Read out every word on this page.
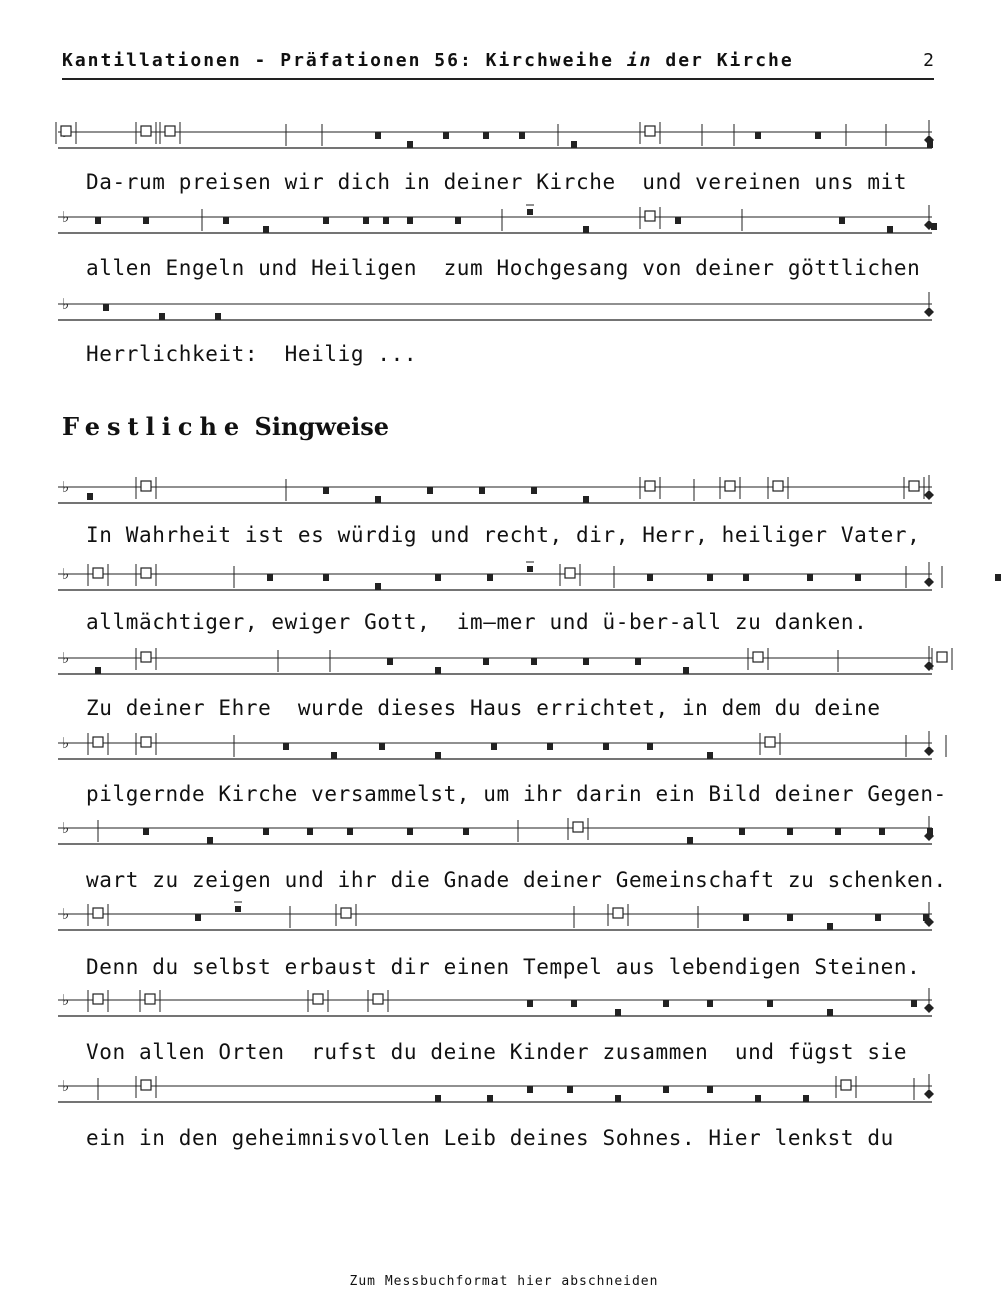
Kantillationen - Präfationen 56: Kirchweihe in der Kirche	2
Da-rum preisen wir dich in deiner Kirche  und vereinen uns mit
♭
allen Engeln und Heiligen  zum Hochgesang von deiner göttlichen
♭
Herrlichkeit:  Heilig ...
Festliche Singweise
♭
In Wahrheit ist es würdig und recht, dir, Herr, heiliger Vater,
♭
allmächtiger, ewiger Gott,  im—mer und ü-ber-all zu danken.
♭
Zu deiner Ehre  wurde dieses Haus errichtet, in dem du deine
♭
pilgernde Kirche versammelst, um ihr darin ein Bild deiner Gegen-
♭
wart zu zeigen und ihr die Gnade deiner Gemeinschaft zu schenken.
♭
Denn du selbst erbaust dir einen Tempel aus lebendigen Steinen.
♭
Von allen Orten  rufst du deine Kinder zusammen  und fügst sie
♭
ein in den geheimnisvollen Leib deines Sohnes. Hier lenkst du
Zum Messbuchformat hier abschneiden
